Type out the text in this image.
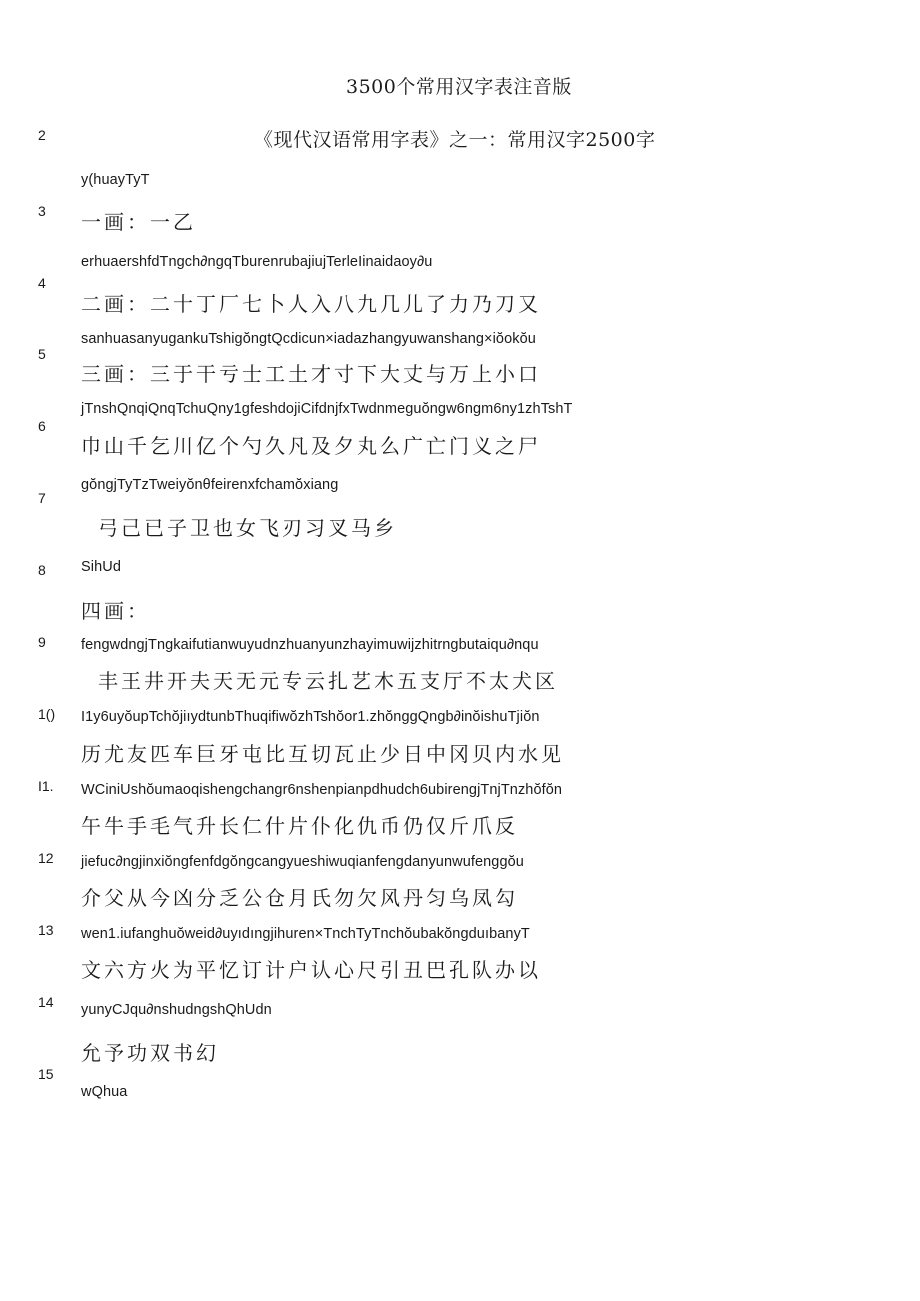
3500个常用汉字表注音版
《现代汉语常用字表》之一：常用汉字2500字
2
3
4
5
6
7
8
9
1()
I1.
12
13
14
15
y(huayTyT
erhuaershfdTngch∂ngqTburenrubajiujTerleIinaidaoy∂u
sanhuasanyugankuTshigŏngtQcdicun×iadazhangyuwanshang×iŏokŏu
jTnshQnqiQnqTchuQny1gfeshdojiCifdnjfxTwdnmeguŏngw6ngm6ny1zhTshT
gŏngjTyTzTweiyŏnθfeirenxfchamŏxiang
SihUd
fengwdngjTngkaifutianwuyudnzhuanyunzhayimuwijzhitrngbutaiqu∂nqu
I1y6uyŏupTchŏjiıydtunbThuqifiwŏzhTshŏor1.zhŏnggQngb∂inŏishuTjiŏn
WCiniUshŏumaoqishengchangr6nshenpianpdhudch6ubirengjTnjTnzhŏfŏn
jiefuc∂ngjinxiŏngfenfdgŏngcangyueshiwuqianfengdanyunwufenggŏu
wen1.iufanghuŏweid∂uyıdıngjihuren×TnchTyTnchŏubakŏngduıbanyT
yunyCJqu∂nshudngshQhUdn
wQhua
一画：一乙
二画：二十丁厂七卜人入八九几儿了力乃刀又
三画：三于干亏士工土才寸下大丈与万上小口
巾山千乞川亿个勺久凡及夕丸么广亡门义之尸
弓己已子卫也女飞刃习叉马乡
四画：
丰王井开夫天无元专云扎艺木五支厅不太犬区
历尤友匹车巨牙屯比互切瓦止少日中冈贝内水见
午牛手毛气升长仁什片仆化仇币仍仅斤爪反
介父从今凶分乏公仓月氏勿欠风丹匀乌凤勾
文六方火为平忆订计户认心尺引丑巴孔队办以
允予功双书幻
